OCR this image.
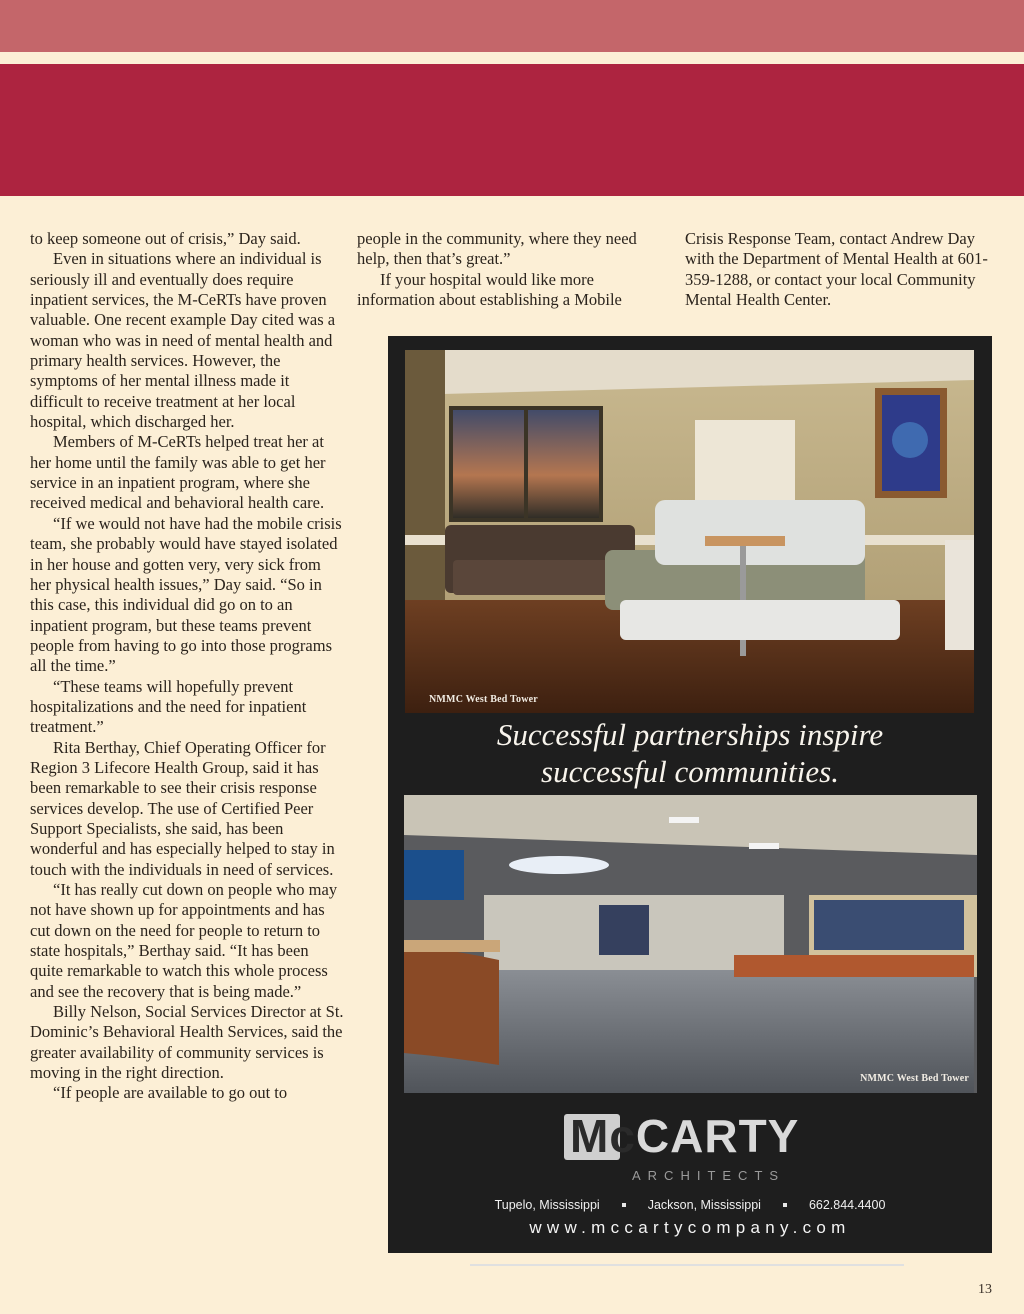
to keep someone out of crisis,” Day said.

Even in situations where an individual is seriously ill and eventually does require inpatient services, the M-CeRTs have proven valuable. One recent example Day cited was a woman who was in need of mental health and primary health services. However, the symptoms of her mental illness made it difficult to receive treatment at her local hospital, which discharged her.

Members of M-CeRTs helped treat her at her home until the family was able to get her service in an inpatient program, where she received medical and behavioral health care.

“If we would not have had the mobile crisis team, she probably would have stayed isolated in her house and gotten very, very sick from her physical health issues,” Day said. “So in this case, this individual did go on to an inpatient program, but these teams prevent people from having to go into those programs all the time.”

“These teams will hopefully prevent hospitalizations and the need for inpatient treatment.”

Rita Berthay, Chief Operating Officer for Region 3 Lifecore Health Group, said it has been remarkable to see their crisis response services develop. The use of Certified Peer Support Specialists, she said, has been wonderful and has especially helped to stay in touch with the individuals in need of services.

“It has really cut down on people who may not have shown up for appointments and has cut down on the need for people to return to state hospitals,” Berthay said. “It has been quite remarkable to watch this whole process and see the recovery that is being made.”

Billy Nelson, Social Services Director at St. Dominic’s Behavioral Health Services, said the greater availability of community services is moving in the right direction.

“If people are available to go out to

people in the community, where they need help, then that’s great.”

If your hospital would like more information about establishing a Mobile

Crisis Response Team, contact Andrew Day with the Department of Mental Health at 601-359-1288, or contact your local Community Mental Health Center.

NMMC West Bed Tower
Successful partnerships inspire
successful communities.
NMMC West Bed Tower
McCARTY
ARCHITECTS
Tupelo, Mississippi	Jackson, Mississippi	662.844.4400
www.mccartycompany.com
13
